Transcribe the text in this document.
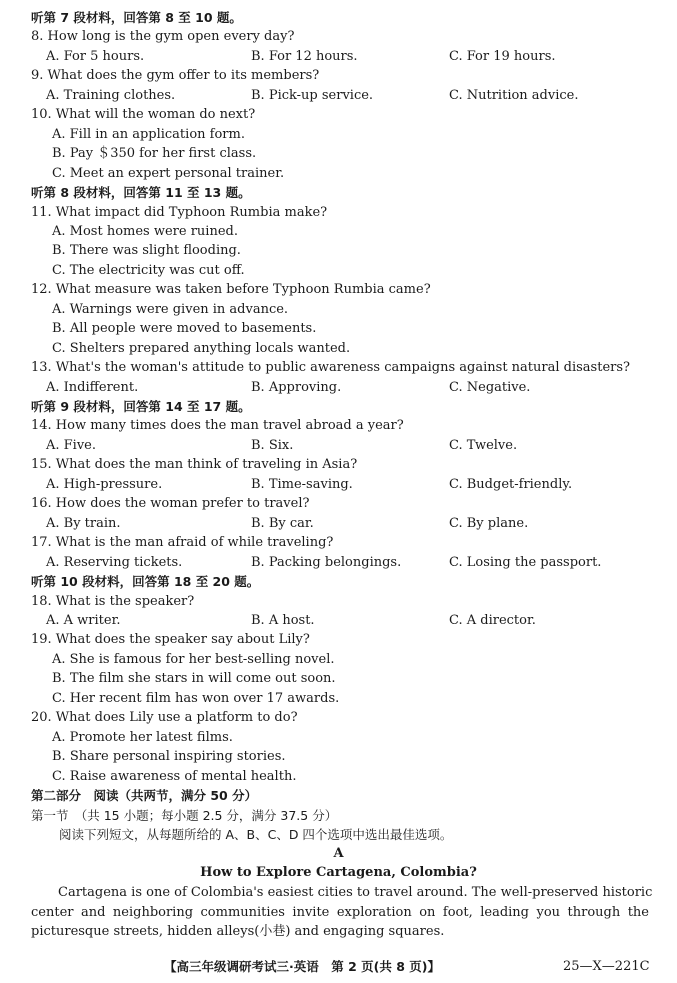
听第 7 段材料，回答第 8 至 10 题。
8. How long is the gym open every day?
A. For 5 hours.	B. For 12 hours.	C. For 19 hours.
9. What does the gym offer to its members?
A. Training clothes.	B. Pick-up service.	C. Nutrition advice.
10. What will the woman do next?
A. Fill in an application form.
B. Pay ＄350 for her first class.
C. Meet an expert personal trainer.
听第 8 段材料，回答第 11 至 13 题。
11. What impact did Typhoon Rumbia make?
A. Most homes were ruined.
B. There was slight flooding.
C. The electricity was cut off.
12. What measure was taken before Typhoon Rumbia came?
A. Warnings were given in advance.
B. All people were moved to basements.
C. Shelters prepared anything locals wanted.
13. What's the woman's attitude to public awareness campaigns against natural disasters?
A. Indifferent.	B. Approving.	C. Negative.
听第 9 段材料，回答第 14 至 17 题。
14. How many times does the man travel abroad a year?
A. Five.	B. Six.	C. Twelve.
15. What does the man think of traveling in Asia?
A. High-pressure.	B. Time-saving.	C. Budget-friendly.
16. How does the woman prefer to travel?
A. By train.	B. By car.	C. By plane.
17. What is the man afraid of while traveling?
A. Reserving tickets.	B. Packing belongings.	C. Losing the passport.
听第 10 段材料，回答第 18 至 20 题。
18. What is the speaker?
A. A writer.	B. A host.	C. A director.
19. What does the speaker say about Lily?
A. She is famous for her best-selling novel.
B. The film she stars in will come out soon.
C. Her recent film has won over 17 awards.
20. What does Lily use a platform to do?
A. Promote her latest films.
B. Share personal inspiring stories.
C. Raise awareness of mental health.
第二部分　阅读（共两节，满分 50 分）
第一节　（共 15 小题；每小题 2.5 分，满分 37.5 分）
阅读下列短文，从每题所给的 A、B、C、D 四个选项中选出最佳选项。
A
How to Explore Cartagena, Colombia?
Cartagena is one of Colombia's easiest cities to travel around. The well-preserved historic
center and neighboring communities invite exploration on foot, leading you through the
picturesque streets, hidden alleys(小巷) and engaging squares.
【高三年级调研考试三·英语　第 2 页(共 8 页)】	25—X—221C
